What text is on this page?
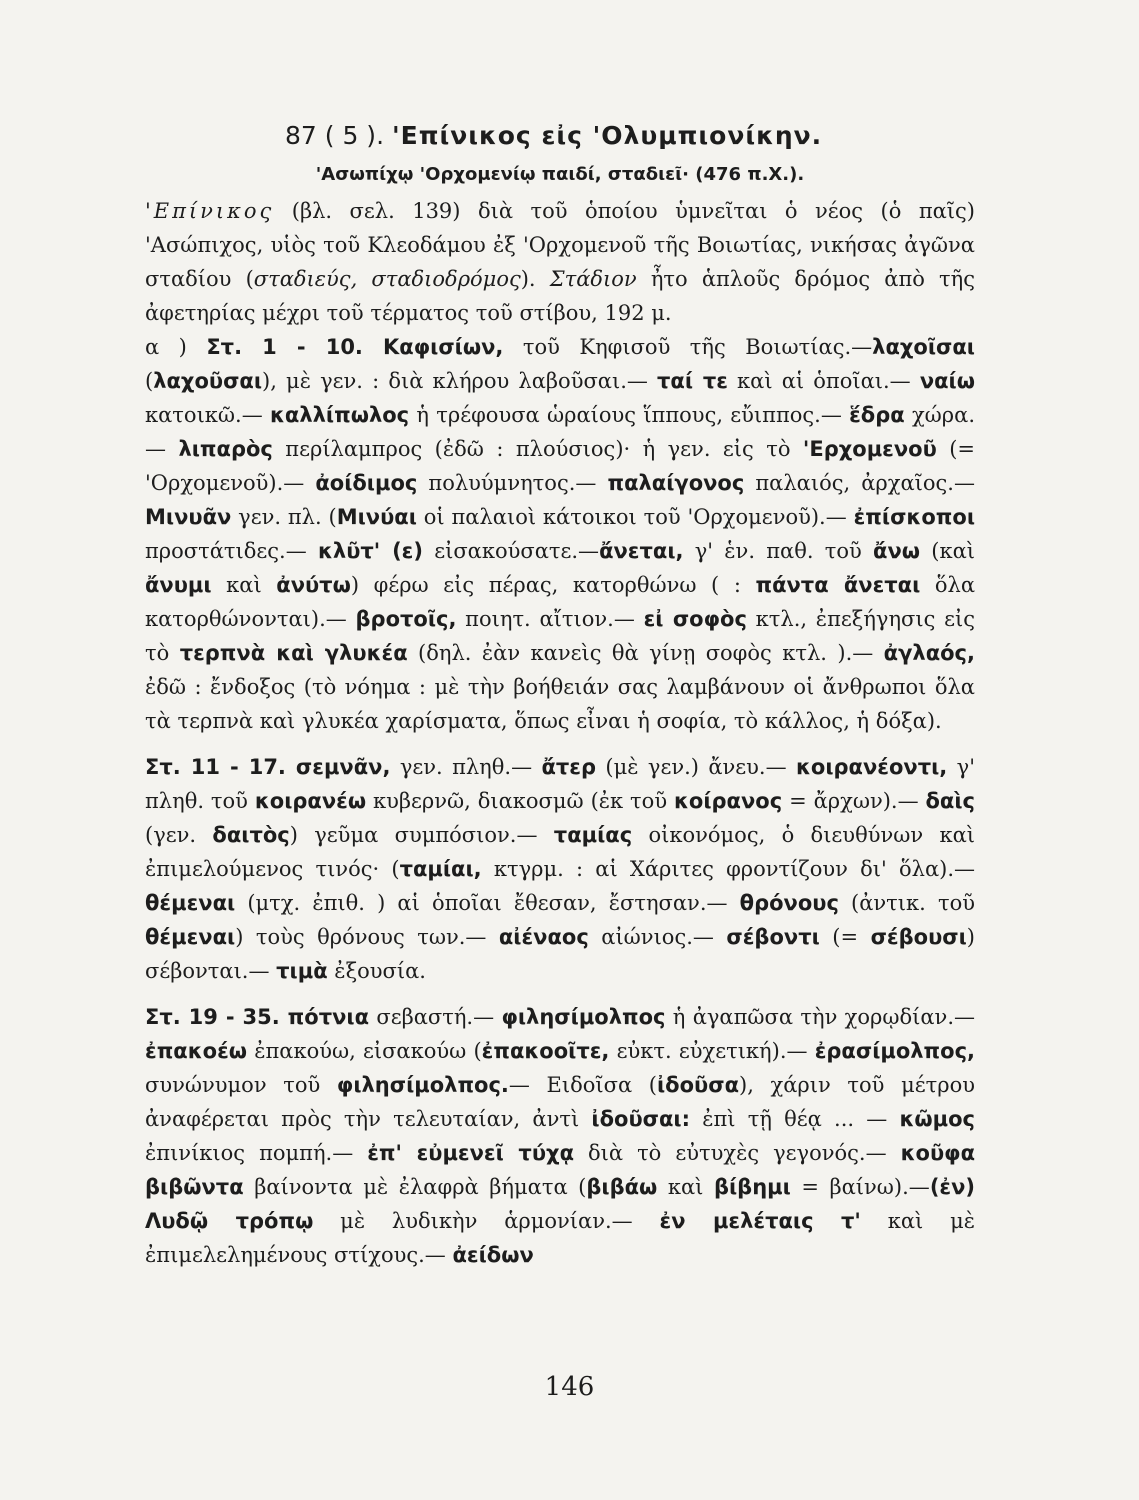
87 ( 5 ). 'Επίνικος εἰς 'Ολυμπιονίκην.
'Ασωπίχῳ 'Ορχομενίῳ παιδί, σταδιεῖ· (476 π.Χ.).

'Επίνικος (βλ. σελ. 139) διὰ τοῦ ὁποίου ὑμνεῖται ὁ νέος (ὁ παῖς) 'Ασώπιχος, υἱὸς τοῦ Κλεοδάμου ἐξ 'Ορχομενοῦ τῆς Βοιωτίας, νικήσας ἀγῶνα σταδίου (σταδιεύς, σταδιοδρόμος). Στάδιον ἦτο ἁπλοῦς δρόμος ἀπὸ τῆς ἀφετηρίας μέχρι τοῦ τέρματος τοῦ στίβου, 192 μ.

α ) Στ. 1 - 10. Καφισίων, τοῦ Κηφισοῦ τῆς Βοιωτίας.—λαχοῖσαι (λαχοῦσαι), μὲ γεν. : διὰ κλήρου λαβοῦσαι.— ταί τε καὶ αἱ ὁποῖαι.— ναίω κατοικῶ.— καλλίπωλος ἡ τρέφουσα ὡραίους ἵππους, εὔιππος.— ἕδρα χώρα.— λιπαρὸς περίλαμπρος (ἐδῶ : πλούσιος)· ἡ γεν. εἰς τὸ 'Ερχομενοῦ (= 'Ορχομενοῦ).— ἀοίδιμος πολυύμνητος.— παλαίγονος παλαιός, ἀρχαῖος.— Μινυᾶν γεν. πλ. (Μινύαι οἱ παλαιοὶ κάτοικοι τοῦ 'Ορχομενοῦ).— ἐπίσκοποι προστάτιδες.— κλῦτ' (ε) εἰσακούσατε.—ἄνεται, γ' ἑν. παθ. τοῦ ἄνω (καὶ ἄνυμι καὶ ἀνύτω) φέρω εἰς πέρας, κατορθώνω ( : πάντα ἄνεται ὅλα κατορθώνονται).— βροτοῖς, ποιητ. αἴτιον.— εἰ σοφὸς κτλ., ἐπεξήγησις εἰς τὸ τερπνὰ καὶ γλυκέα (δηλ. ἐὰν κανεὶς θὰ γίνῃ σοφὸς κτλ. ).— ἀγλαός, ἐδῶ : ἔνδοξος (τὸ νόημα : μὲ τὴν βοήθειάν σας λαμβάνουν οἱ ἄνθρωποι ὅλα τὰ τερπνὰ καὶ γλυκέα χαρίσματα, ὅπως εἶναι ἡ σοφία, τὸ κάλλος, ἡ δόξα).

Στ. 11 - 17. σεμνᾶν, γεν. πληθ.— ἄτερ (μὲ γεν.) ἄνευ.— κοιρανέοντι, γ' πληθ. τοῦ κοιρανέω κυβερνῶ, διακοσμῶ (ἐκ τοῦ κοίρανος = ἄρχων).— δαὶς (γεν. δαιτὸς) γεῦμα συμπόσιον.— ταμίας οἰκονόμος, ὁ διευθύνων καὶ ἐπιμελούμενος τινός· (ταμίαι, κτγρμ. : αἱ Χάριτες φροντίζουν δι' ὅλα).— θέμεναι (μτχ. ἐπιθ. ) αἱ ὁποῖαι ἔθεσαν, ἔστησαν.— θρόνους (ἀντικ. τοῦ θέμεναι) τοὺς θρόνους των.— αἰέναος αἰώνιος.— σέβοντι (= σέβουσι) σέβονται.— τιμὰ ἐξουσία.

Στ. 19 - 35. πότνια σεβαστή.— φιλησίμολπος ἡ ἀγαπῶσα τὴν χορῳδίαν.— ἐπακοέω ἐπακούω, εἰσακούω (ἐπακοοῖτε, εὐκτ. εὐχετική).— ἐρασίμολπος, συνώνυμον τοῦ φιλησίμολπος.— Ειδοῖσα (ἰδοῦσα), χάριν τοῦ μέτρου ἀναφέρεται πρὸς τὴν τελευταίαν, ἀντὶ ἰδοῦσαι: ἐπὶ τῇ θέᾳ ... — κῶμος ἐπινίκιος πομπή.— ἐπ' εὐμενεῖ τύχᾳ διὰ τὸ εὐτυχὲς γεγονός.— κοῦφα βιβῶντα βαίνοντα μὲ ἐλαφρὰ βήματα (βιβάω καὶ βίβημι = βαίνω).—(ἐν) Λυδῷ τρόπῳ μὲ λυδικὴν ἁρμονίαν.— ἐν μελέταις τ' καὶ μὲ ἐπιμελελημένους στίχους.— ἀείδων

146
